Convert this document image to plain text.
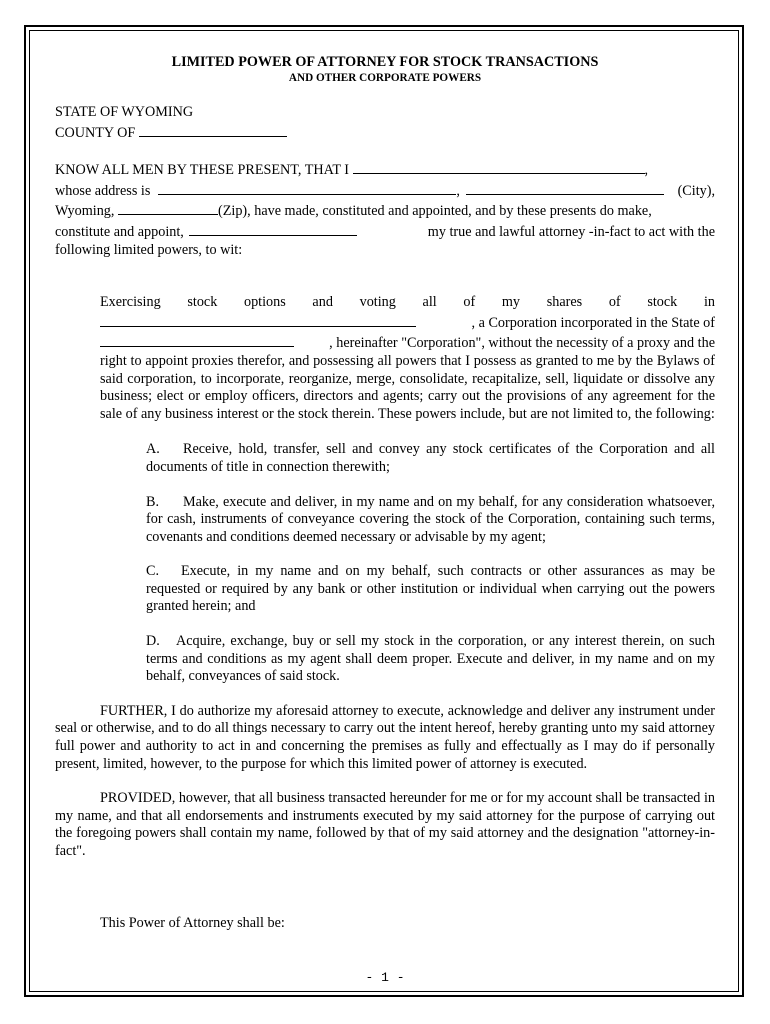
LIMITED POWER OF ATTORNEY FOR STOCK TRANSACTIONS
AND OTHER CORPORATE POWERS

STATE OF WYOMING

COUNTY OF

KNOW ALL MEN BY THESE PRESENT, THAT I	,

whose address is	,	(City),

Wyoming,	(Zip), have made, constituted and appointed, and by these presents do make,

constitute and appoint,	my true and lawful attorney -in-fact to act with the

following limited powers, to wit:

Exercising stock options and voting all of my shares of stock in

, a Corporation incorporated in the State of

, hereinafter "Corporation", without the necessity of a proxy and the

right to appoint proxies therefor, and possessing all powers that I possess as granted to me by the Bylaws of said corporation, to incorporate, reorganize, merge, consolidate, recapitalize, sell, liquidate or dissolve any business; elect or employ officers, directors and agents; carry out the provisions of any agreement for the sale of any business interest or the stock therein. These powers include, but are not limited to, the following:

A. Receive, hold, transfer, sell and convey any stock certificates of the Corporation and all documents of title in connection therewith;

B. Make, execute and deliver, in my name and on my behalf, for any consideration whatsoever, for cash, instruments of conveyance covering the stock of the Corporation, containing such terms, covenants and conditions deemed necessary or advisable by my agent;

C. Execute, in my name and on my behalf, such contracts or other assurances as may be requested or required by any bank or other institution or individual when carrying out the powers granted herein; and

D. Acquire, exchange, buy or sell my stock in the corporation, or any interest therein, on such terms and conditions as my agent shall deem proper. Execute and deliver, in my name and on my behalf, conveyances of said stock.

FURTHER, I do authorize my aforesaid attorney to execute, acknowledge and deliver any instrument under seal or otherwise, and to do all things necessary to carry out the intent hereof, hereby granting unto my said attorney full power and authority to act in and concerning the premises as fully and effectually as I may do if personally present, limited, however, to the purpose for which this limited power of attorney is executed.

PROVIDED, however, that all business transacted hereunder for me or for my account shall be transacted in my name, and that all endorsements and instruments executed by my said attorney for the purpose of carrying out the foregoing powers shall contain my name, followed by that of my said attorney and the designation "attorney-in-fact".

This Power of Attorney shall be:

- 1 -
